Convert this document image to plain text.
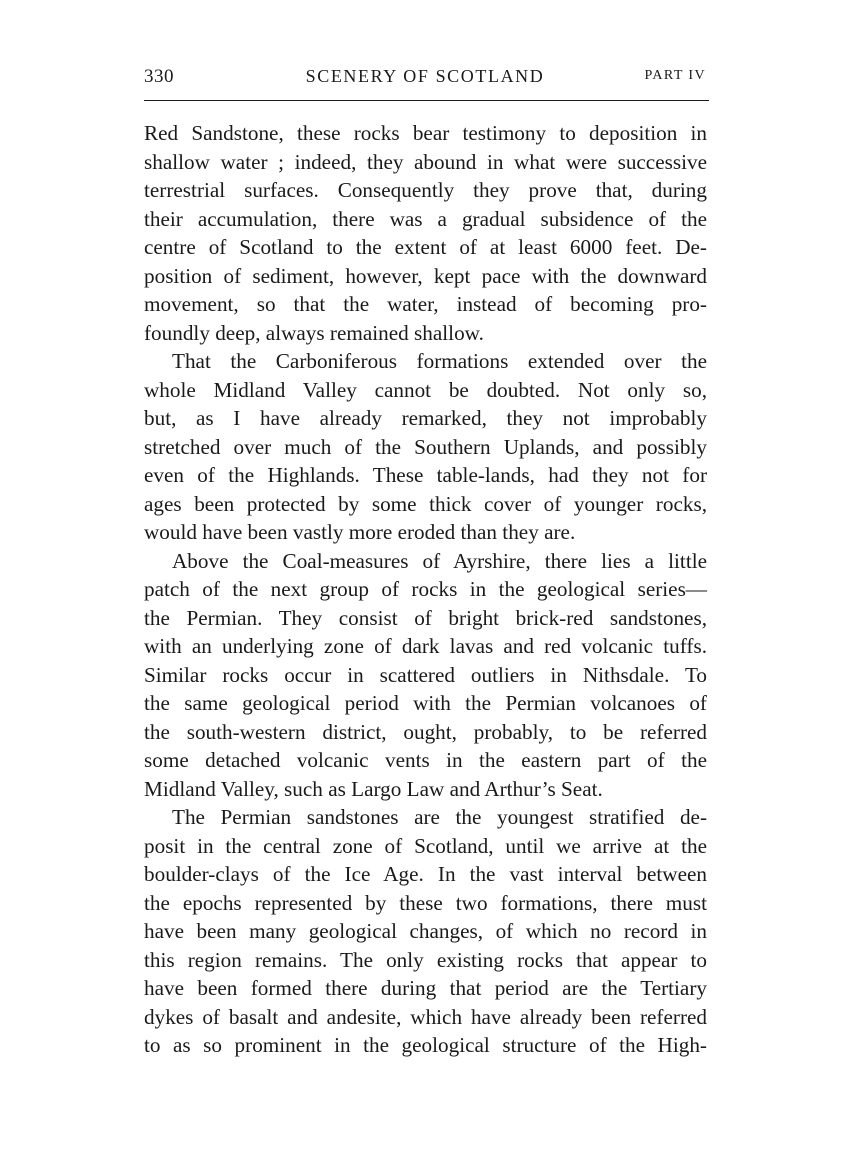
330	SCENERY OF SCOTLAND	PART IV
Red Sandstone, these rocks bear testimony to deposition in
shallow water ; indeed, they abound in what were successive
terrestrial surfaces. Consequently they prove that, during
their accumulation, there was a gradual subsidence of the
centre of Scotland to the extent of at least 6000 feet. De-
position of sediment, however, kept pace with the downward
movement, so that the water, instead of becoming pro-
foundly deep, always remained shallow.
That the Carboniferous formations extended over the
whole Midland Valley cannot be doubted. Not only so,
but, as I have already remarked, they not improbably
stretched over much of the Southern Uplands, and possibly
even of the Highlands. These table-lands, had they not for
ages been protected by some thick cover of younger rocks,
would have been vastly more eroded than they are.
Above the Coal-measures of Ayrshire, there lies a little
patch of the next group of rocks in the geological series—
the Permian. They consist of bright brick-red sandstones,
with an underlying zone of dark lavas and red volcanic tuffs.
Similar rocks occur in scattered outliers in Nithsdale. To
the same geological period with the Permian volcanoes of
the south-western district, ought, probably, to be referred
some detached volcanic vents in the eastern part of the
Midland Valley, such as Largo Law and Arthur’s Seat.
The Permian sandstones are the youngest stratified de-
posit in the central zone of Scotland, until we arrive at the
boulder-clays of the Ice Age. In the vast interval between
the epochs represented by these two formations, there must
have been many geological changes, of which no record in
this region remains. The only existing rocks that appear to
have been formed there during that period are the Tertiary
dykes of basalt and andesite, which have already been referred
to as so prominent in the geological structure of the High-
